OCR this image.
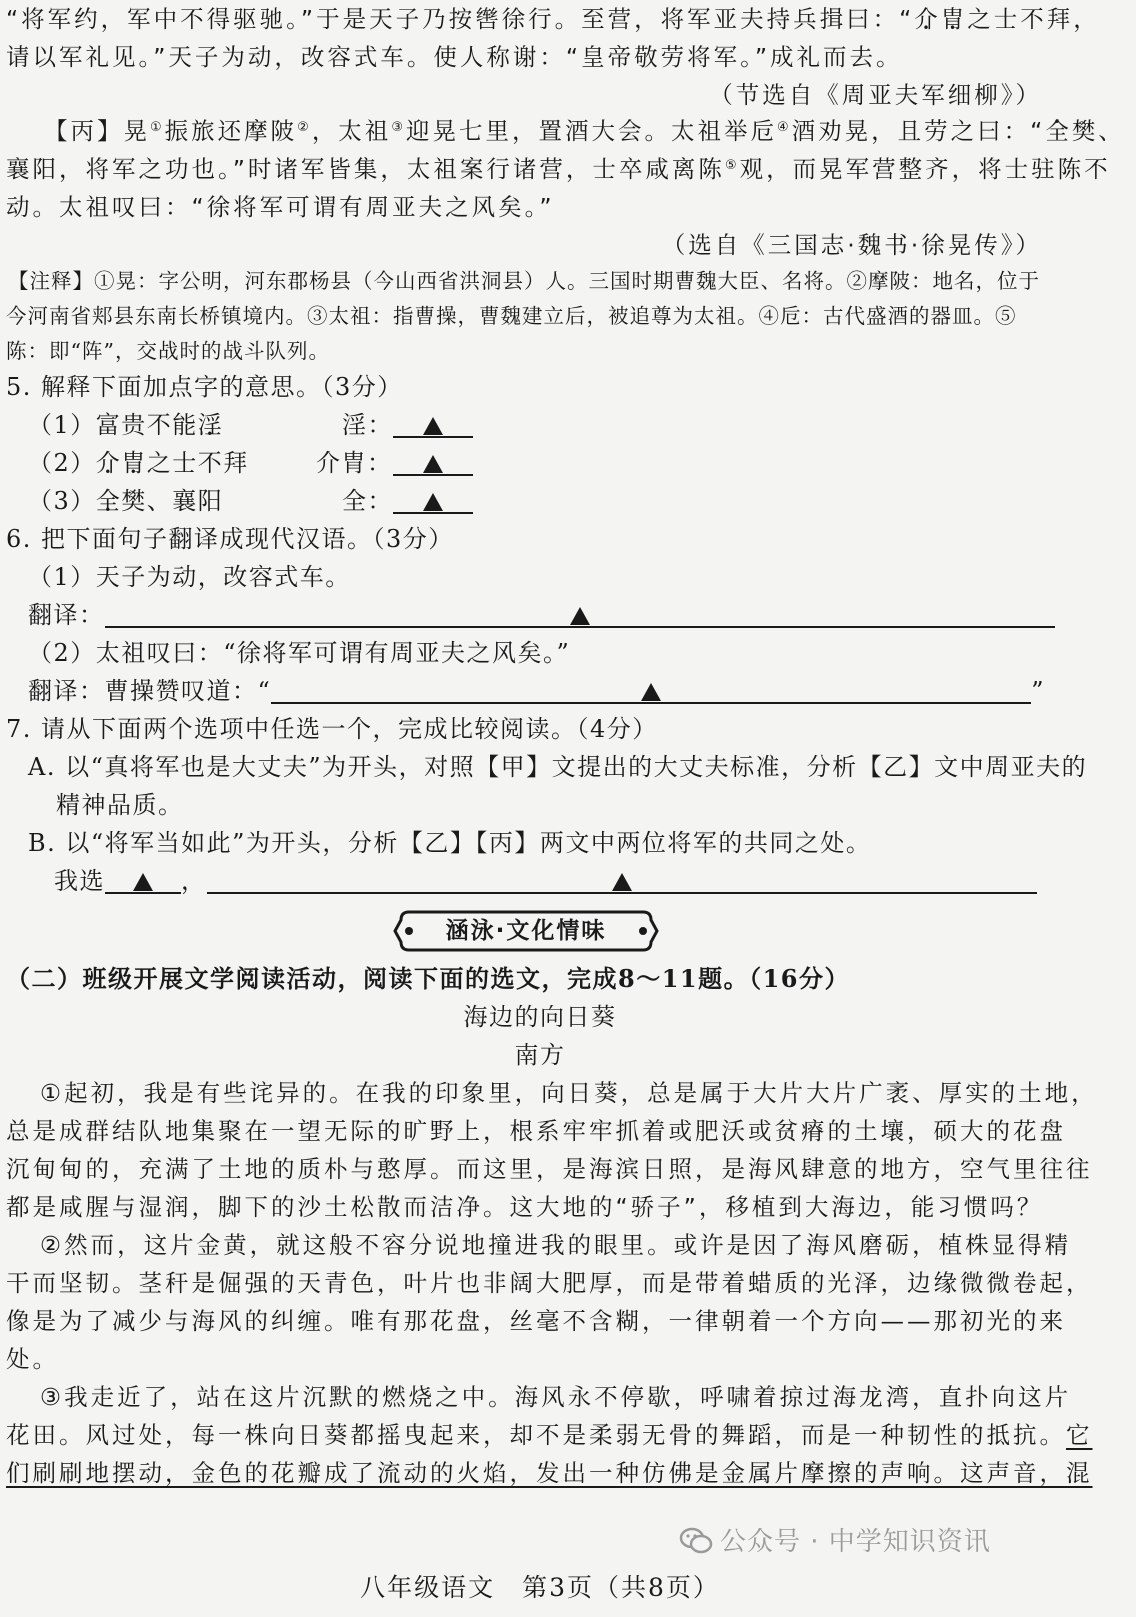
“将军约，军中不得驱驰。”于是天子乃按辔徐行。至营，将军亚夫持兵揖曰：“介胄之士不拜，
请以军礼见。”天子为动，改容式车。使人称谢：“皇帝敬劳将军。”成礼而去。
（节选自《周亚夫军细柳》）
【丙】晃①振旅还摩陂②，太祖③迎晃七里，置酒大会。太祖举卮④酒劝晃，且劳之曰：“全樊、
襄阳，将军之功也。”时诸军皆集，太祖案行诸营，士卒咸离陈⑤观，而晃军营整齐，将士驻陈不
动。太祖叹曰：“徐将军可谓有周亚夫之风矣。”
（选自《三国志·魏书·徐晃传》）
【注释】①晃：字公明，河东郡杨县（今山西省洪洞县）人。三国时期曹魏大臣、名将。②摩陂：地名，位于
今河南省郏县东南长桥镇境内。③太祖：指曹操，曹魏建立后，被追尊为太祖。④卮：古代盛酒的器皿。⑤
陈：即“阵”，交战时的战斗队列。
5. 解释下面加点字的意思。（3分）
（1）富贵不能淫	淫：
（2）介胄之士不拜	介胄：
（3）全樊、襄阳	全：
6. 把下面句子翻译成现代汉语。（3分）
（1）天子为动，改容式车。
翻译：
（2）太祖叹曰：“徐将军可谓有周亚夫之风矣。”
翻译：曹操赞叹道：“	”
7. 请从下面两个选项中任选一个，完成比较阅读。（4分）
A. 以“真将军也是大丈夫”为开头，对照【甲】文提出的大丈夫标准，分析【乙】文中周亚夫的
精神品质。
B. 以“将军当如此”为开头，分析【乙】【丙】两文中两位将军的共同之处。
我选	，
涵泳·文化情味
（二）班级开展文学阅读活动，阅读下面的选文，完成8～11题。（16分）
海边的向日葵
南方
①起初，我是有些诧异的。在我的印象里，向日葵，总是属于大片大片广袤、厚实的土地，
总是成群结队地集聚在一望无际的旷野上，根系牢牢抓着或肥沃或贫瘠的土壤，硕大的花盘
沉甸甸的，充满了土地的质朴与憨厚。而这里，是海滨日照，是海风肆意的地方，空气里往往
都是咸腥与湿润，脚下的沙土松散而洁净。这大地的“骄子”，移植到大海边，能习惯吗？
②然而，这片金黄，就这般不容分说地撞进我的眼里。或许是因了海风磨砺，植株显得精
干而坚韧。茎秆是倔强的天青色，叶片也非阔大肥厚，而是带着蜡质的光泽，边缘微微卷起，
像是为了减少与海风的纠缠。唯有那花盘，丝毫不含糊，一律朝着一个方向——那初光的来
处。
③我走近了，站在这片沉默的燃烧之中。海风永不停歇，呼啸着掠过海龙湾，直扑向这片
花田。风过处，每一株向日葵都摇曳起来，却不是柔弱无骨的舞蹈，而是一种韧性的抵抗。它
们刷刷地摆动，金色的花瓣成了流动的火焰，发出一种仿佛是金属片摩擦的声响。这声音，混
公众号 · 中学知识资讯
八年级语文　第3页（共8页）
